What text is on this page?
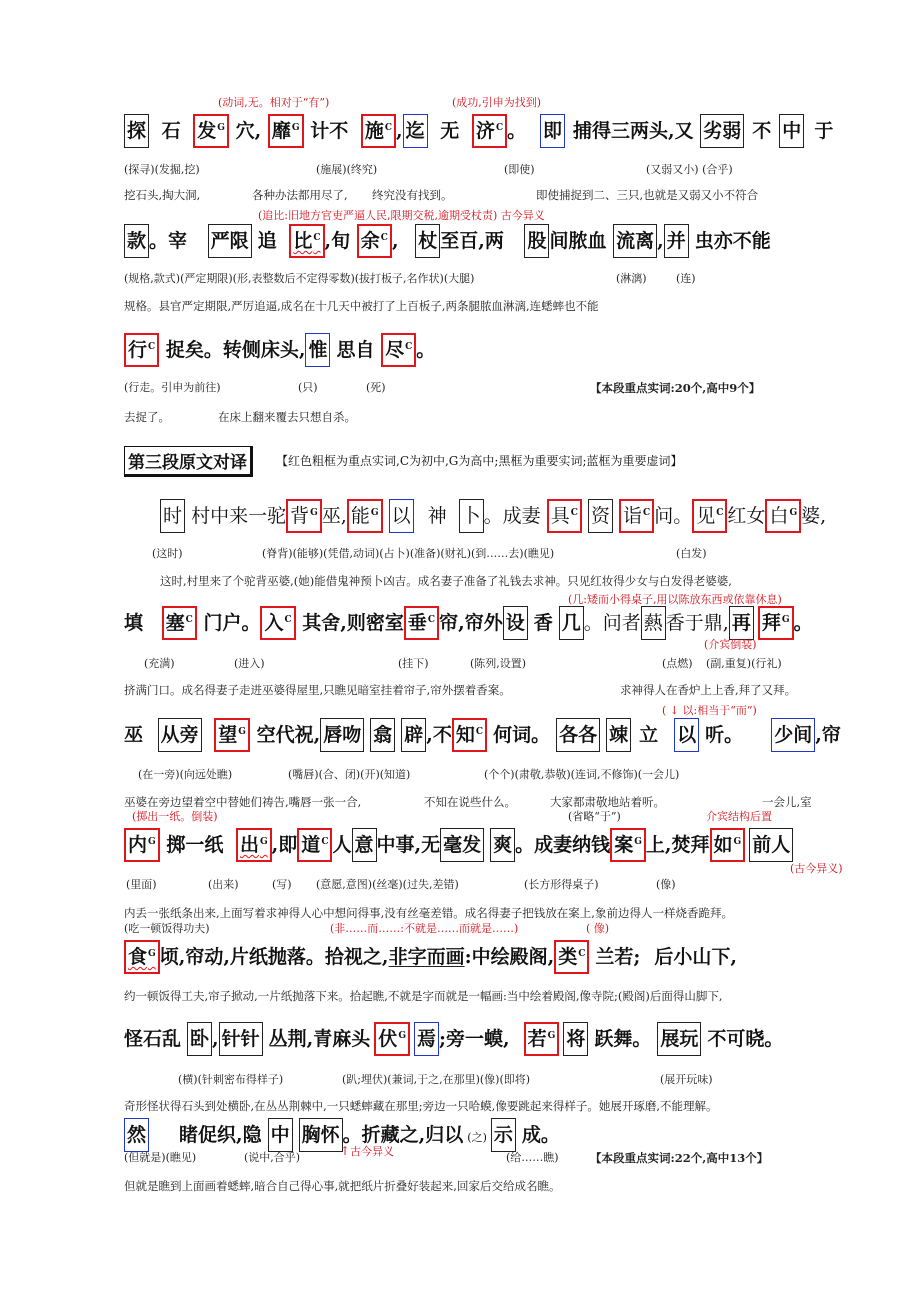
(动词,无。相对于“有”)	(成功,引申为找到)
探 石 发$^G$ 穴, 靡$^G$ 计不 施$^C$ , 迄 无 济$^C$ 。 即 捕得三两头,又 劣弱 不 中 于
(探寻)(发掘,挖)	(施展)(终究)	(即使)	(又弱又小) (合乎)
挖石头,掏大洞,	各种办法都用尽了, 终究没有找到。	即使捕捉到二、三只,也就是又弱又小不符合
(追比:旧地方官吏严逼人民,限期交税,逾期受杖责) 古今异义
款 。宰 严限 追 比$^C$ ,旬 余$^C$ , 杖 至百,两 股 间脓血 流离 , 并 虫亦不能
(规格,款式)(严定期限)(形,表整数后不定得零数)(拔打板子,名作状)(大腿)	(淋漓)	(连)
规格。县官严定期限,严厉追逼,成名在十几天中被打了上百板子,两条腿脓血淋漓,连蟋蟀也不能
行$^C$ 捉矣。转侧床头, 惟 思自 尽$^C$ 。
(行走。引申为前往)	(只)	(死)	【本段重点实词:20个,高中9个】
去捉了。	在床上翻来覆去只想自杀。
第三段原文对译	【红色粗框为重点实词,C为初中,G为高中;黑框为重要实词;蓝框为重要虚词】
时 村中来一驼 背$^G$ 巫, 能$^G$ 以 神 卜 。成妻 具$^C$ 资 诣$^C$ 问。 见$^C$ 红女 白$^G$ 婆,
(这时)	(脊背)(能够)(凭借,动词)(占卜)(准备)(财礼)(到……去)(瞧见)	(白发)
这时,村里来了个驼背巫婆,(她)能借鬼神预卜凶吉。成名妻子准备了礼钱去求神。只见红妆得少女与白发得老婆婆,
(几:矮而小得桌子,用以陈放东西或依靠休息)
填 塞$^C$ 门户。 入$^C$ 其舍,则密室 垂$^C$ 帘,帘外 设 香 几 。问者 爇 香于鼎, 再 拜$^G$ 。
(介宾倒装)
(充满)	(进入)	(挂下)	(陈列,设置)	(点燃) (副,重复)(行礼)
挤满门口。成名得妻子走进巫婆得屋里,只瞧见暗室挂着帘子,帘外摆着香案。	求神得人在香炉上上香,拜了又拜。
( ↓ 以:相当于“而”)
巫 从旁 望$^G$ 空代祝, 唇吻 翕 辟 ,不 知$^C$ 何词。 各各 竦 立 以 听。 少间 ,帘
(在一旁)(向远处瞧)	(嘴唇)(合、闭)(开)(知道)	(个个)(肃敬,恭敬)(连词,不修饰)(一会儿)
巫婆在旁边望着空中替她们祷告,嘴唇一张一合,	不知在说些什么。	大家都肃敬地站着听。	一会儿,室
(掷出一纸。倒装)	(省略“于”)	介宾结构后置
内$^G$ 掷一纸 出$^G$ ,即 道$^C$ 人 意 中事,无 毫发 爽 。成妻纳钱 案$^G$ 上,焚拜 如$^G$ 前人
(古今异义)
(里面)	(出来)	(写) (意愿,意图)(丝毫)(过失,差错)	(长方形得桌子)	(像)
内丢一张纸条出来,上面写着求神得人心中想问得事,没有丝毫差错。成名得妻子把钱放在案上,象前边得人一样烧香跪拜。
(吃一顿饭得功夫)	(非……而……:不就是……而就是……)	( 像)
食$^G$ 顷,帘动,片纸抛落。拾视之,非字而画:中绘殿阁, 类$^C$ 兰若; 后小山下,
约一顿饭得工夫,帘子掀动,一片纸抛落下来。拾起瞧,不就是字而就是一幅画:当中绘着殿阁,像寺院;(殿阁)后面得山脚下,
怪石乱 卧 , 针针 丛荆,青麻头 伏$^G$ 焉 ;旁一蟆, 若$^G$ 将 跃舞。 展玩 不可晓。
(横)(针刺密布得样子)	(趴;埋伏)(兼词,于之,在那里)(像)(即将)	(展开玩味)
奇形怪状得石头到处横卧,在丛丛荆棘中,一只蟋蟀藏在那里;旁边一只哈蟆,像要跳起来得样子。她展开琢磨,不能理解。
然 睹促织,隐 中 胸怀 。折藏之,归以 (之) 示 成。
(但就是)(瞧见)	(说中,合乎)	↑古今异义	(给……瞧)	【本段重点实词:22个,高中13个】
但就是瞧到上面画着蟋蟀,暗合自己得心事,就把纸片折叠好装起来,回家后交给成名瞧。
